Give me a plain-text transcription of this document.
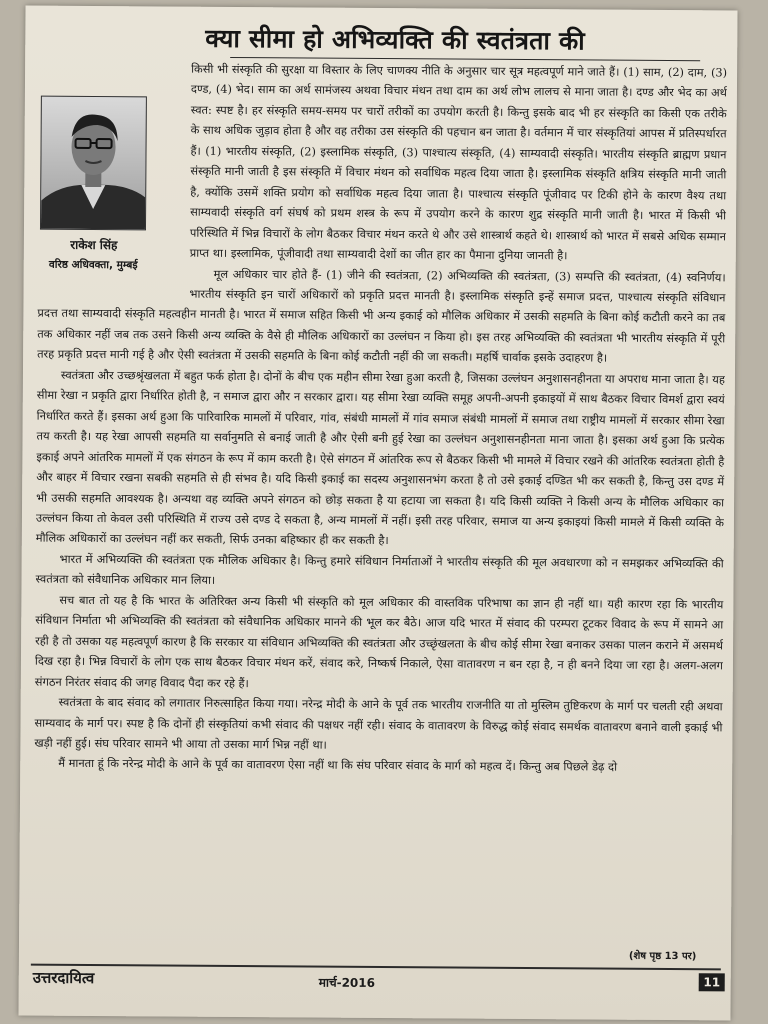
क्या सीमा हो अभिव्यक्ति की स्वतंत्रता की
राकेश सिंह
वरिष्ठ अधिवक्ता, मुम्बई

किसी भी संस्कृति की सुरक्षा या विस्तार के लिए चाणक्य नीति के अनुसार चार सूत्र महत्वपूर्ण माने जाते हैं। (1) साम, (2) दाम, (3) दण्ड, (4) भेद। साम का अर्थ सामंजस्य अथवा विचार मंथन तथा दाम का अर्थ लोभ लालच से माना जाता है। दण्ड और भेद का अर्थ स्वत: स्पष्ट है। हर संस्कृति समय-समय पर चारों तरीकों का उपयोग करती है। किन्तु इसके बाद भी हर संस्कृति का किसी एक तरीके के साथ अधिक जुड़ाव होता है और वह तरीका उस संस्कृति की पहचान बन जाता है। वर्तमान में चार संस्कृतियां आपस में प्रतिस्पर्धारत हैं। (1) भारतीय संस्कृति, (2) इस्लामिक संस्कृति, (3) पाश्चात्य संस्कृति, (4) साम्यवादी संस्कृति। भारतीय संस्कृति ब्राह्मण प्रधान संस्कृति मानी जाती है इस संस्कृति में विचार मंथन को सर्वाधिक महत्व दिया जाता है। इस्लामिक संस्कृति क्षत्रिय संस्कृति मानी जाती है, क्योंकि उसमें शक्ति प्रयोग को सर्वाधिक महत्व दिया जाता है। पाश्चात्य संस्कृति पूंजीवाद पर टिकी होने के कारण वैश्य तथा साम्यवादी संस्कृति वर्ग संघर्ष को प्रथम शस्त्र के रूप में उपयोग करने के कारण शुद्र संस्कृति मानी जाती है। भारत में किसी भी परिस्थिति में भिन्न विचारों के लोग बैठकर विचार मंथन करते थे और उसे शास्त्रार्थ कहते थे। शास्त्रार्थ को भारत में सबसे अधिक सम्मान प्राप्त था। इस्लामिक, पूंजीवादी तथा साम्यवादी देशों का जीत हार का पैमाना दुनिया जानती है।

मूल अधिकार चार होते हैं- (1) जीने की स्वतंत्रता, (2) अभिव्यक्ति की स्वतंत्रता, (3) सम्पत्ति की स्वतंत्रता, (4) स्वनिर्णय। भारतीय संस्कृति इन चारों अधिकारों को प्रकृति प्रदत्त मानती है। इस्लामिक संस्कृति इन्हें समाज प्रदत्त, पाश्चात्य संस्कृति संविधान प्रदत्त तथा साम्यवादी संस्कृति महत्वहीन मानती है। भारत में समाज सहित किसी भी अन्य इकाई को मौलिक अधिकार में उसकी सहमति के बिना कोई कटौती करने का तब तक अधिकार नहीं जब तक उसने किसी अन्य व्यक्ति के वैसे ही मौलिक अधिकारों का उल्लंघन न किया हो। इस तरह अभिव्यक्ति की स्वतंत्रता भी भारतीय संस्कृति में पूरी तरह प्रकृति प्रदत्त मानी गई है और ऐसी स्वतंत्रता में उसकी सहमति के बिना कोई कटौती नहीं की जा सकती। महर्षि चार्वाक इसके उदाहरण है।

स्वतंत्रता और उच्छश्रृंखलता में बहुत फर्क होता है। दोनों के बीच एक महीन सीमा रेखा हुआ करती है, जिसका उल्लंघन अनुशासनहीनता या अपराध माना जाता है। यह सीमा रेखा न प्रकृति द्वारा निर्धारित होती है, न समाज द्वारा और न सरकार द्वारा। यह सीमा रेखा व्यक्ति समूह अपनी-अपनी इकाइयों में साथ बैठकर विचार विमर्श द्वारा स्वयं निर्धारित करते हैं। इसका अर्थ हुआ कि पारिवारिक मामलों में परिवार, गांव, संबंधी मामलों में गांव समाज संबंधी मामलों में समाज तथा राष्ट्रीय मामलों में सरकार सीमा रेखा तय करती है। यह रेखा आपसी सहमति या सर्वानुमति से बनाई जाती है और ऐसी बनी हुई रेखा का उल्लंघन अनुशासनहीनता माना जाता है। इसका अर्थ हुआ कि प्रत्येक इकाई अपने आंतरिक मामलों में एक संगठन के रूप में काम करती है। ऐसे संगठन में आंतरिक रूप से बैठकर किसी भी मामले में विचार रखने की आंतरिक स्वतंत्रता होती है और बाहर में विचार रखना सबकी सहमति से ही संभव है। यदि किसी इकाई का सदस्य अनुशासनभंग करता है तो उसे इकाई दण्डित भी कर सकती है, किन्तु उस दण्ड में भी उसकी सहमति आवश्यक है। अन्यथा वह व्यक्ति अपने संगठन को छोड़ सकता है या हटाया जा सकता है। यदि किसी व्यक्ति ने किसी अन्य के मौलिक अधिकार का उल्लंघन किया तो केवल उसी परिस्थिति में राज्य उसे दण्ड दे सकता है, अन्य मामलों में नहीं। इसी तरह परिवार, समाज या अन्य इकाइयां किसी मामले में किसी व्यक्ति के मौलिक अधिकारों का उल्लंघन नहीं कर सकती, सिर्फ उनका बहिष्कार ही कर सकती है।

भारत में अभिव्यक्ति की स्वतंत्रता एक मौलिक अधिकार है। किन्तु हमारे संविधान निर्माताओं ने भारतीय संस्कृति की मूल अवधारणा को न समझकर अभिव्यक्ति की स्वतंत्रता को संवैधानिक अधिकार मान लिया।

सच बात तो यह है कि भारत के अतिरिक्त अन्य किसी भी संस्कृति को मूल अधिकार की वास्तविक परिभाषा का ज्ञान ही नहीं था। यही कारण रहा कि भारतीय संविधान निर्माता भी अभिव्यक्ति की स्वतंत्रता को संवैधानिक अधिकार मानने की भूल कर बैठे। आज यदि भारत में संवाद की परम्परा टूटकर विवाद के रूप में सामने आ रही है तो उसका यह महत्वपूर्ण कारण है कि सरकार या संविधान अभिव्यक्ति की स्वतंत्रता और उच्छृंखलता के बीच कोई सीमा रेखा बनाकर उसका पालन कराने में असमर्थ दिख रहा है। भिन्न विचारों के लोग एक साथ बैठकर विचार मंथन करें, संवाद करे, निष्कर्ष निकाले, ऐसा वातावरण न बन रहा है, न ही बनने दिया जा रहा है। अलग-अलग संगठन निरंतर संवाद की जगह विवाद पैदा कर रहे हैं।

स्वतंत्रता के बाद संवाद को लगातार निरुत्साहित किया गया। नरेन्द्र मोदी के आने के पूर्व तक भारतीय राजनीति या तो मुस्लिम तुष्टिकरण के मार्ग पर चलती रही अथवा साम्यवाद के मार्ग पर। स्पष्ट है कि दोनों ही संस्कृतियां कभी संवाद की पक्षधर नहीं रही। संवाद के वातावरण के विरुद्ध कोई संवाद समर्थक वातावरण बनाने वाली इकाई भी खड़ी नहीं हुई। संघ परिवार सामने भी आया तो उसका मार्ग भिन्न नहीं था।

मैं मानता हूं कि नरेन्द्र मोदी के आने के पूर्व का वातावरण ऐसा नहीं था कि संघ परिवार संवाद के मार्ग को महत्व दें। किन्तु अब पिछले डेढ़ दो

(शेष पृष्ठ 13 पर)
उत्तरदायित्व	मार्च-2016	11
